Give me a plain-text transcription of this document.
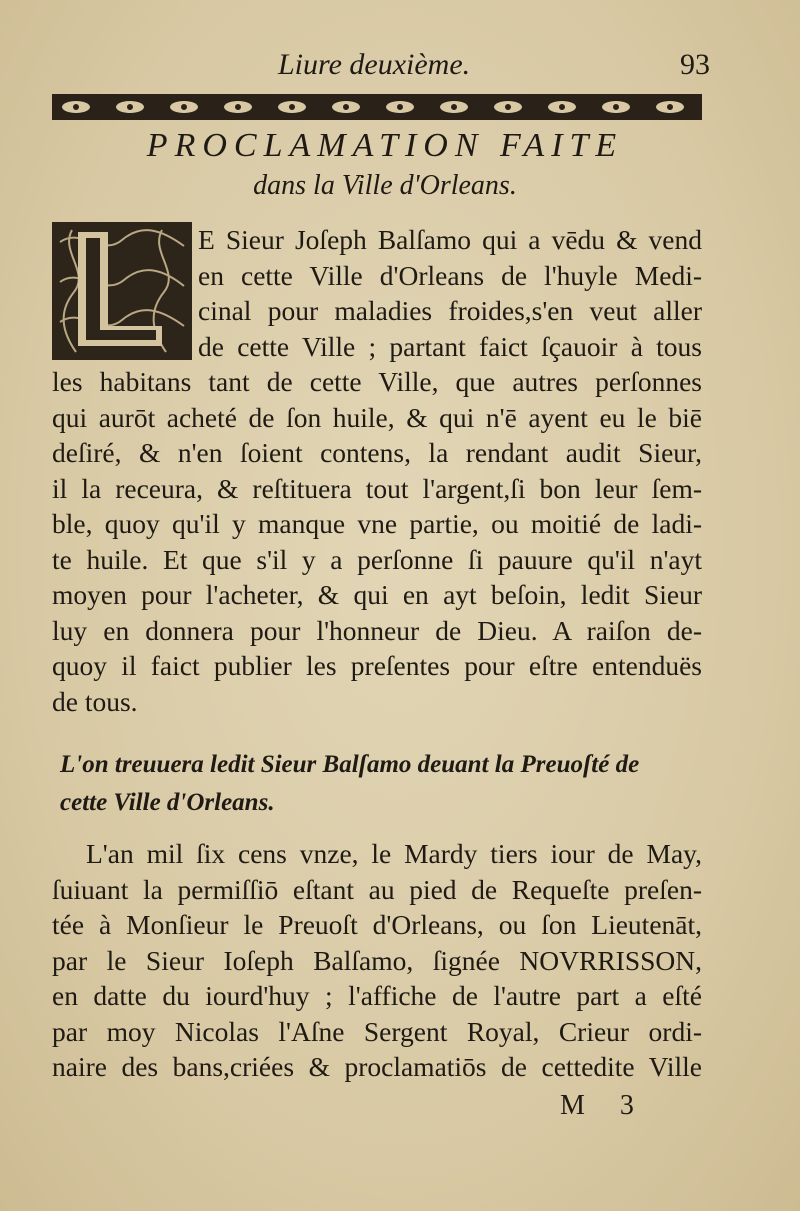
Liure deuxième.	93
PROCLAMATION FAITE
dans la Ville d'Orleans.
E Sieur Joſeph Balſamo qui a vēdu & vend
en cette Ville d'Orleans de l'huyle Medi-
cinal pour maladies froides,s'en veut aller
de cette Ville ; partant faict ſçauoir à tous
les habitans tant de cette Ville, que autres perſonnes
qui aurōt acheté de ſon huile, & qui n'ē ayent eu le biē
deſiré, & n'en ſoient contens, la rendant audit Sieur,
il la receura, & reſtituera tout l'argent,ſi bon leur ſem-
ble, quoy qu'il y manque vne partie, ou moitié de ladi-
te huile. Et que s'il y a perſonne ſi pauure qu'il n'ayt
moyen pour l'acheter, & qui en ayt beſoin, ledit Sieur
luy en donnera pour l'honneur de Dieu. A raiſon de-
quoy il faict publier les preſentes pour eſtre entenduës
de tous.
L'on treuuera ledit Sieur Balſamo deuant la Preuoſté de
cette Ville d'Orleans.
L'an mil ſix cens vnze, le Mardy tiers iour de May,
ſuiuant la permiſſiō eſtant au pied de Requeſte preſen-
tée à Monſieur le Preuoſt d'Orleans, ou ſon Lieutenāt,
par le Sieur Ioſeph Balſamo, ſignée NOVRRISSON,
en datte du iourd'huy ; l'affiche de l'autre part a eſté
par moy Nicolas l'Aſne Sergent Royal, Crieur ordi-
naire des bans,criées & proclamatiōs de cettedite Ville
M 3
